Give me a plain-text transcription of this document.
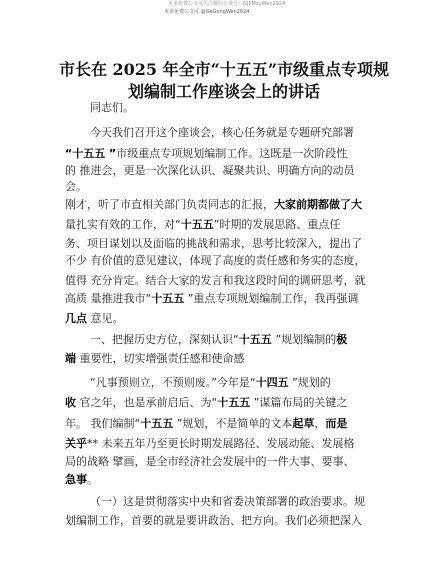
更多免费公文可关注微信公众号：GJ0MzuWen2024
更多免费公文可 @GeGongWen2024
市长在 2025 年全市“十五五”市级重点专项规
划编制工作座谈会上的讲话
同志们。
今天我们召开这个座谈会，核心任务就是专题研究部署
“十五五 ”市级重点专项规划编制工作。这既是一次阶段性
的 推进会，更是一次深化认识、凝聚共识、明确方向的动员
会。
刚才，听了市直相关部门负责同志的汇报，大家前期都做了大
量扎实有效的工作，对“十五五”时期的发展思路、重点任
务、项目谋划以及面临的挑战和需求，思考比较深入，提出了
不少 有价值的意见建议，体现了高度的责任感和务实的态度，
值得 充分肯定。结合大家的发言和我这段时间的调研思考，就
高质 量推进我市“十五五 ”重点专项规划编制工作，我再强调
几点 意见。
一、把握历史方位，深刻认识“十五五 ”规划编制的极
端 重要性，切实增强责任感和使命感
“凡事预则立，不预则废。”今年是“十四五 ”规划的
收 官之年，也是承前启后、为“十五五 ”谋篇布局的关键之
年。 我们编制“十五五 ”规划，不是简单的文本起草，而是
关乎** 未来五年乃至更长时期发展路径、发展动能、发展格
局的战略 擘画，是全市经济社会发展中的一件大事、要事、
急事。
（一）这是贯彻落实中央和省委决策部署的政治要求。规
划编制工作，首要的就是要讲政治、把方向。我们必须把深入
